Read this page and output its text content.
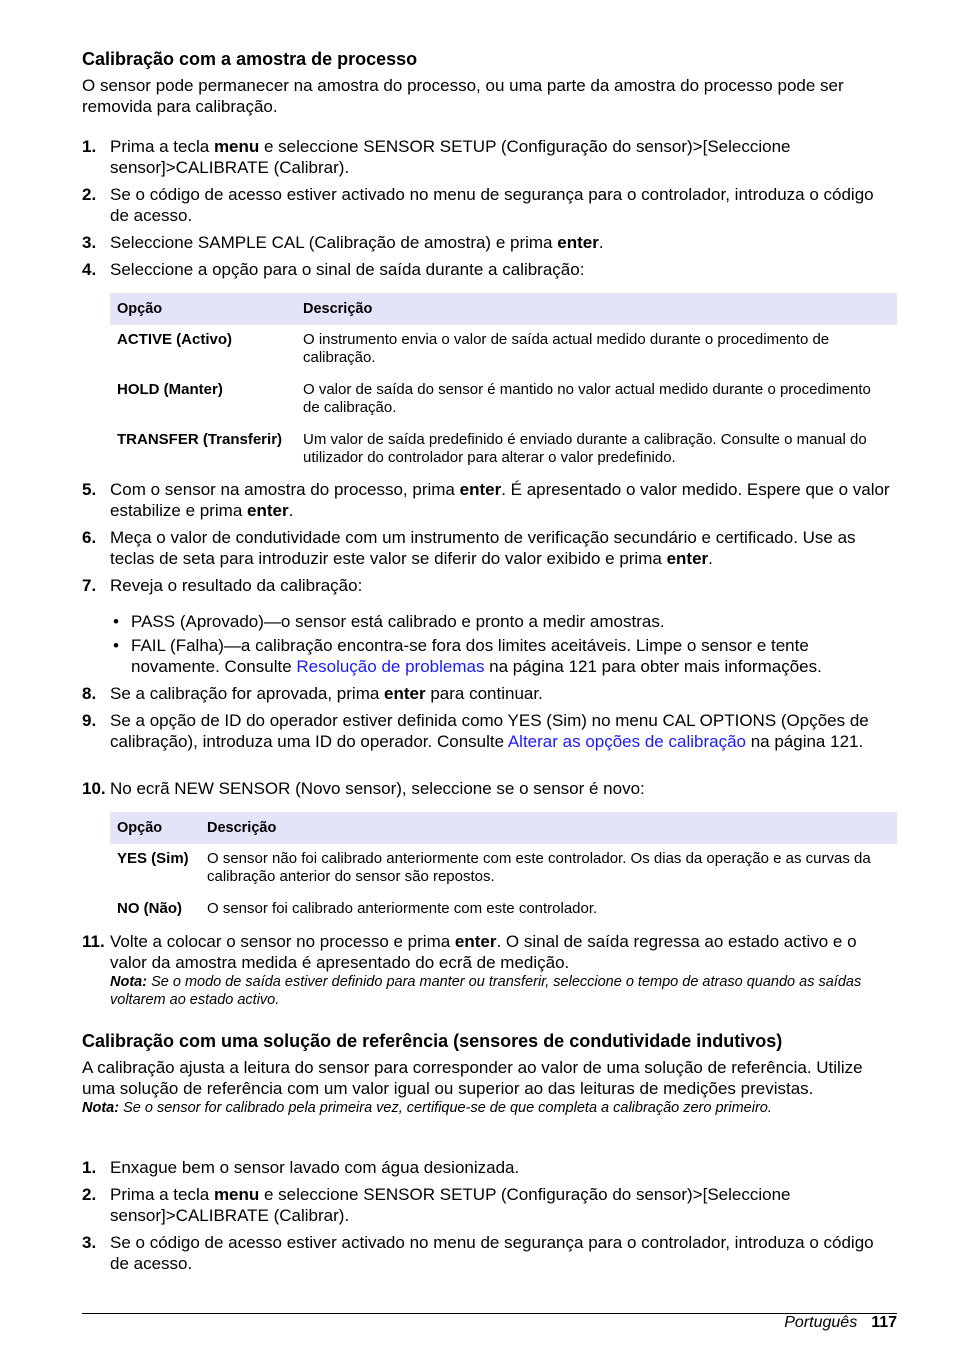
Calibração com a amostra de processo

O sensor pode permanecer na amostra do processo, ou uma parte da amostra do processo pode ser removida para calibração.

1. Prima a tecla menu e seleccione SENSOR SETUP (Configuração do sensor)>[Seleccione sensor]>CALIBRATE (Calibrar).
2. Se o código de acesso estiver activado no menu de segurança para o controlador, introduza o código de acesso.
3. Seleccione SAMPLE CAL (Calibração de amostra) e prima enter.
4. Seleccione a opção para o sinal de saída durante a calibração:
Opção	Descrição
ACTIVE (Activo)	O instrumento envia o valor de saída actual medido durante o procedimento de calibração.
HOLD (Manter)	O valor de saída do sensor é mantido no valor actual medido durante o procedimento de calibração.
TRANSFER (Transferir)	Um valor de saída predefinido é enviado durante a calibração. Consulte o manual do utilizador do controlador para alterar o valor predefinido.
5. Com o sensor na amostra do processo, prima enter. É apresentado o valor medido. Espere que o valor estabilize e prima enter.
6. Meça o valor de condutividade com um instrumento de verificação secundário e certificado. Use as teclas de seta para introduzir este valor se diferir do valor exibido e prima enter.
7. Reveja o resultado da calibração:
• PASS (Aprovado)—o sensor está calibrado e pronto a medir amostras.
• FAIL (Falha)—a calibração encontra-se fora dos limites aceitáveis. Limpe o sensor e tente novamente. Consulte Resolução de problemas na página 121 para obter mais informações.
8. Se a calibração for aprovada, prima enter para continuar.
9. Se a opção de ID do operador estiver definida como YES (Sim) no menu CAL OPTIONS (Opções de calibração), introduza uma ID do operador. Consulte Alterar as opções de calibração na página 121.
10. No ecrã NEW SENSOR (Novo sensor), seleccione se o sensor é novo:
Opção	Descrição
YES (Sim)	O sensor não foi calibrado anteriormente com este controlador. Os dias da operação e as curvas da calibração anterior do sensor são repostos.
NO (Não)	O sensor foi calibrado anteriormente com este controlador.
11. Volte a colocar o sensor no processo e prima enter. O sinal de saída regressa ao estado activo e o valor da amostra medida é apresentado do ecrã de medição.
Nota: Se o modo de saída estiver definido para manter ou transferir, seleccione o tempo de atraso quando as saídas voltarem ao estado activo.
Calibração com uma solução de referência (sensores de condutividade indutivos)

A calibração ajusta a leitura do sensor para corresponder ao valor de uma solução de referência. Utilize uma solução de referência com um valor igual ou superior ao das leituras de medições previstas.

Nota: Se o sensor for calibrado pela primeira vez, certifique-se de que completa a calibração zero primeiro.
1. Enxague bem o sensor lavado com água desionizada.
2. Prima a tecla menu e seleccione SENSOR SETUP (Configuração do sensor)>[Seleccione sensor]>CALIBRATE (Calibrar).
3. Se o código de acesso estiver activado no menu de segurança para o controlador, introduza o código de acesso.
Português 117
